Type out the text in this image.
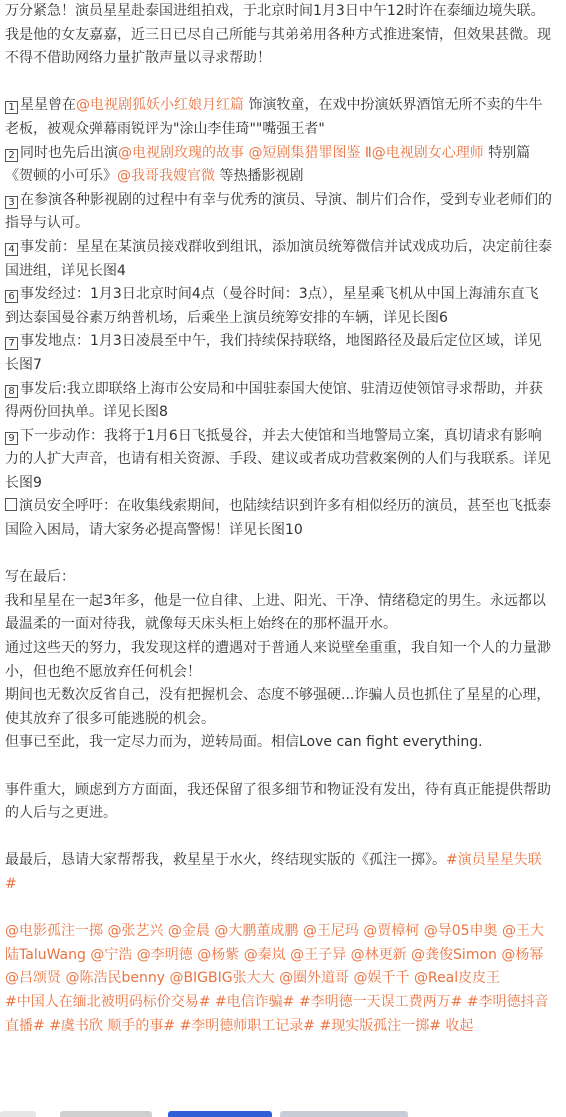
万分紧急！演员星星赴泰国进组拍戏，于北京时间1月3日中午12时许在泰缅边境失联。

我是他的女友嘉嘉，近三日已尽自己所能与其弟弟用各种方式推进案情，但效果甚微。现不得不借助网络力量扩散声量以寻求帮助！

1 星星曾在@电视剧狐妖小红娘月红篇 饰演牧童，在戏中扮演妖界酒馆无所不卖的牛牛老板，被观众弹幕雨锐评为"涂山李佳琦""嘴强王者"

2 同时也先后出演@电视剧玫瑰的故事 @短剧集猎罪图鉴 Ⅱ@电视剧女心理师 特别篇 《贺顿的小可乐》@我哥我嫂官微 等热播影视剧

3 在参演各种影视剧的过程中有幸与优秀的演员、导演、制片们合作，受到专业老师们的指导与认可。

4 事发前：星星在某演员接戏群收到组讯，添加演员统筹微信并试戏成功后，决定前往泰国进组，详见长图4

6 事发经过：1月3日北京时间4点（曼谷时间：3点），星星乘飞机从中国上海浦东直飞到达泰国曼谷素万纳普机场，后乘坐上演员统筹安排的车辆，详见长图6

7 事发地点：1月3日凌晨至中午，我们持续保持联络，地图路径及最后定位区域，详见长图7

8 事发后:我立即联络上海市公安局和中国驻泰国大使馆、驻清迈使领馆寻求帮助，并获得两份回执单。详见长图8

9 下一步动作：我将于1月6日飞抵曼谷，并去大使馆和当地警局立案，真切请求有影响力的人扩大声音，也请有相关资源、手段、建议或者成功营救案例的人们与我联系。详见长图9

演员安全呼吁：在收集线索期间，也陆续结识到许多有相似经历的演员，甚至也飞抵泰国险入困局，请大家务必提高警惕！详见长图10

写在最后：

我和星星在一起3年多，他是一位自律、上进、阳光、干净、情绪稳定的男生。永远都以最温柔的一面对待我，就像每天床头柜上始终在的那杯温开水。

通过这些天的努力，我发现这样的遭遇对于普通人来说壁垒重重，我自知一个人的力量渺小，但也绝不愿放弃任何机会！

期间也无数次反省自己，没有把握机会、态度不够强硬...诈骗人员也抓住了星星的心理，使其放弃了很多可能逃脱的机会。

但事已至此，我一定尽力而为，逆转局面。相信Love can fight everything.

事件重大，顾虑到方方面面，我还保留了很多细节和物证没有发出，待有真正能提供帮助的人后与之更进。

最最后，恳请大家帮帮我，救星星于水火，终结现实版的《孤注一掷》。#演员星星失联#

@电影孤注一掷 @张艺兴 @金晨 @大鹏董成鹏 @王尼玛 @贾樟柯 @导05申奥 @王大陆TaluWang @宁浩 @李明德 @杨紫 @秦岚 @王子异 @林更新 @龚俊Simon @杨幂 @吕颂贤 @陈浩民benny @BIGBIG张大大 @圈外道哥 @娱千千 @Real皮皮王

#中国人在缅北被明码标价交易# #电信诈骗# #李明德一天误工费两万# #李明德抖音直播# #虞书欣 顺手的事# #李明德师职工记录# #现实版孤注一掷# 收起
